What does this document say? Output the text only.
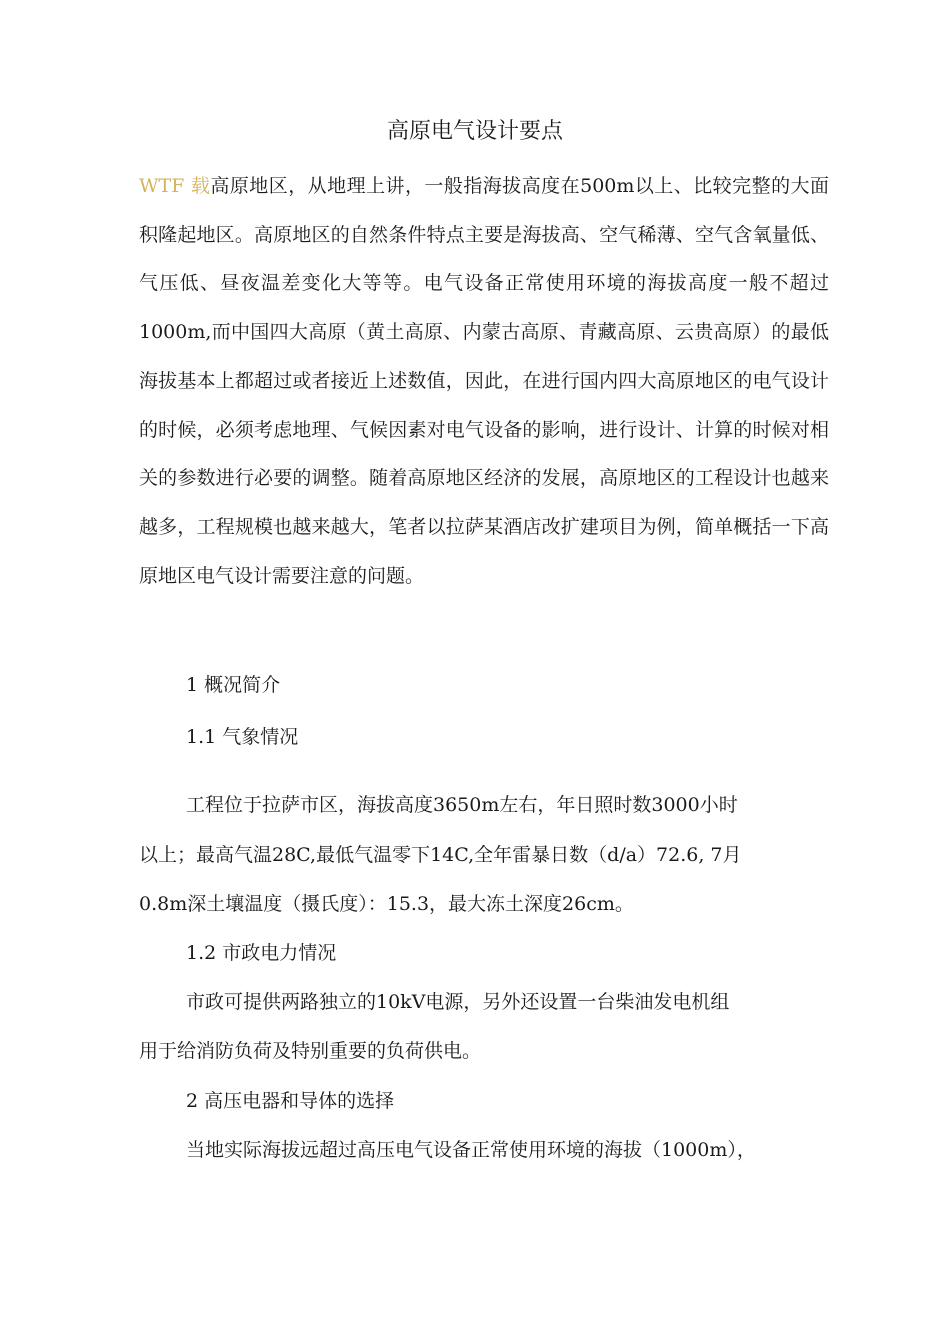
高原电气设计要点

WTF 载高原地区，从地理上讲，一般指海拔高度在500m以上、比较完整的大面积隆起地区。高原地区的自然条件特点主要是海拔高、空气稀薄、空气含氧量低、气压低、昼夜温差变化大等等。电气设备正常使用环境的海拔高度一般不超过1000m,而中国四大高原（黄土高原、内蒙古高原、青藏高原、云贵高原）的最低海拔基本上都超过或者接近上述数值，因此，在进行国内四大高原地区的电气设计的时候，必须考虑地理、气候因素对电气设备的影响，进行设计、计算的时候对相关的参数进行必要的调整。随着高原地区经济的发展，高原地区的工程设计也越来越多，工程规模也越来越大，笔者以拉萨某酒店改扩建项目为例，简单概括一下高原地区电气设计需要注意的问题。

1 概况简介

1.1 气象情况

工程位于拉萨市区，海拔高度3650m左右，年日照时数3000小时

以上；最高气温28C,最低气温零下14C,全年雷暴日数（d/a）72.6, 7月

0.8m深土壤温度（摄氏度）：15.3，最大冻土深度26cm。

1.2 市政电力情况

市政可提供两路独立的10kV电源，另外还设置一台柴油发电机组

用于给消防负荷及特别重要的负荷供电。

2 高压电器和导体的选择

当地实际海拔远超过高压电气设备正常使用环境的海拔（1000m），
